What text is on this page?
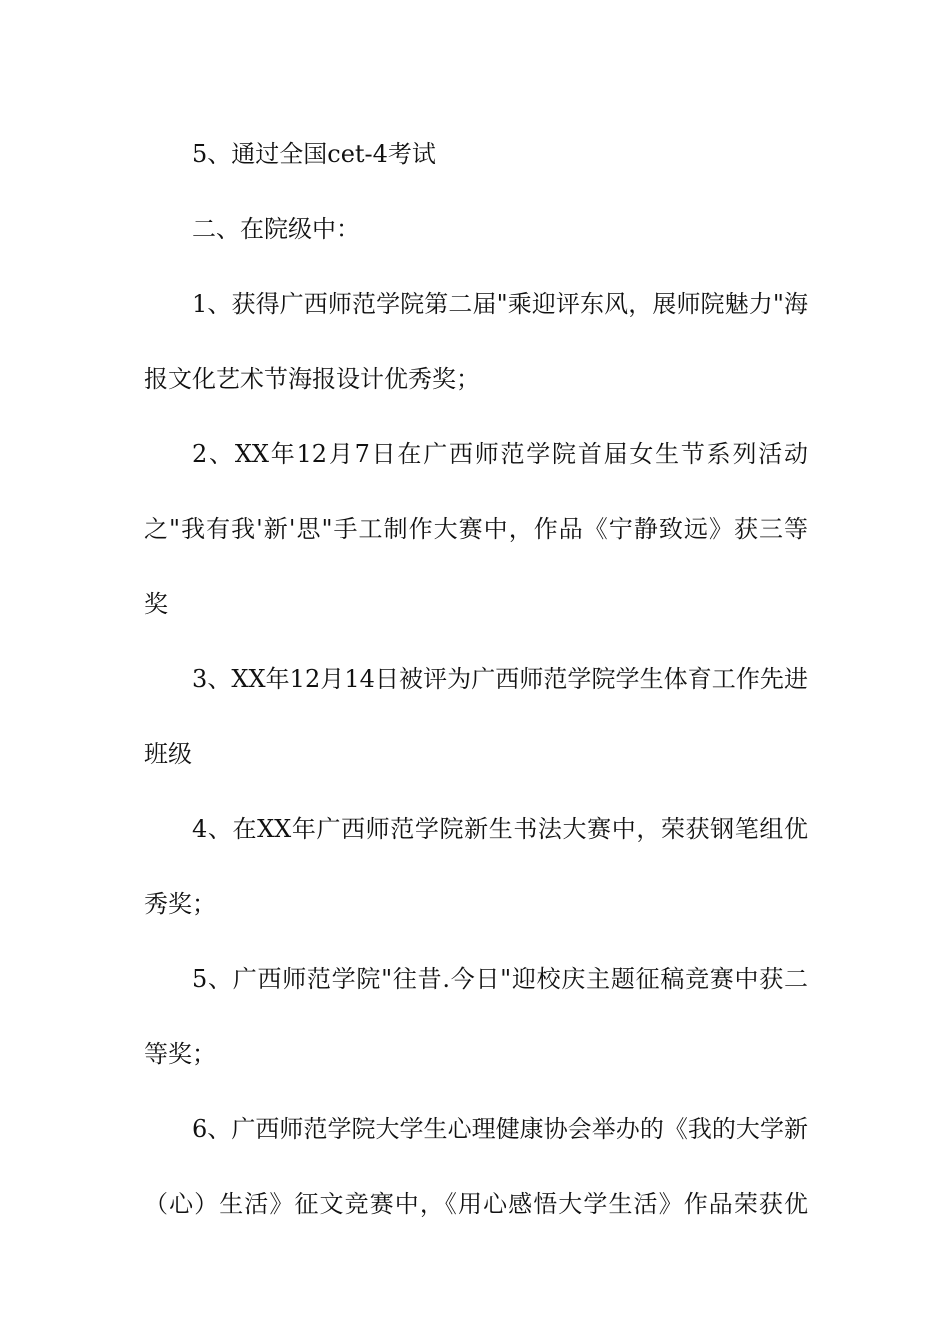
5、通过全国cet-4考试
二、在院级中：
1、获得广西师范学院第二届"乘迎评东风，展师院魅力"海
报文化艺术节海报设计优秀奖；
2、XX年12月7日在广西师范学院首届女生节系列活动
之"我有我'新'思"手工制作大赛中，作品《宁静致远》获三等
奖
3、XX年12月14日被评为广西师范学院学生体育工作先进
班级
4、在XX年广西师范学院新生书法大赛中，荣获钢笔组优
秀奖；
5、广西师范学院"往昔.今日"迎校庆主题征稿竞赛中获二
等奖；
6、广西师范学院大学生心理健康协会举办的《我的大学新
（心）生活》征文竞赛中，《用心感悟大学生活》作品荣获优
